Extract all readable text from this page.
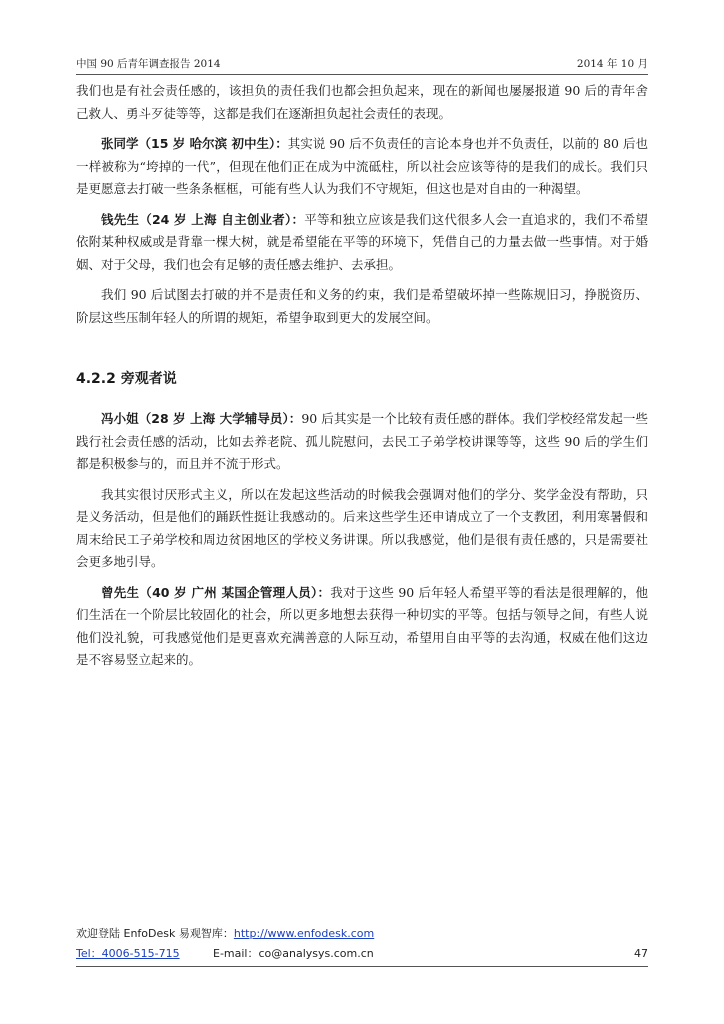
中国 90 后青年调查报告 2014	2014 年 10 月

我们也是有社会责任感的，该担负的责任我们也都会担负起来，现在的新闻也屡屡报道 90 后的青年舍己救人、勇斗歹徒等等，这都是我们在逐渐担负起社会责任的表现。

张同学（15 岁 哈尔滨 初中生）：其实说 90 后不负责任的言论本身也并不负责任，以前的 80 后也一样被称为“垮掉的一代”，但现在他们正在成为中流砥柱，所以社会应该等待的是我们的成长。我们只是更愿意去打破一些条条框框，可能有些人认为我们不守规矩，但这也是对自由的一种渴望。

钱先生（24 岁 上海 自主创业者）：平等和独立应该是我们这代很多人会一直追求的，我们不希望依附某种权威或是背靠一棵大树，就是希望能在平等的环境下，凭借自己的力量去做一些事情。对于婚姻、对于父母，我们也会有足够的责任感去维护、去承担。

我们 90 后试图去打破的并不是责任和义务的约束，我们是希望破坏掉一些陈规旧习，挣脱资历、阶层这些压制年轻人的所谓的规矩，希望争取到更大的发展空间。

4.2.2 旁观者说

冯小姐（28 岁 上海 大学辅导员）：90 后其实是一个比较有责任感的群体。我们学校经常发起一些践行社会责任感的活动，比如去养老院、孤儿院慰问，去民工子弟学校讲课等等，这些 90 后的学生们都是积极参与的，而且并不流于形式。

我其实很讨厌形式主义，所以在发起这些活动的时候我会强调对他们的学分、奖学金没有帮助，只是义务活动，但是他们的踊跃性挺让我感动的。后来这些学生还申请成立了一个支教团，利用寒暑假和周末给民工子弟学校和周边贫困地区的学校义务讲课。所以我感觉，他们是很有责任感的，只是需要社会更多地引导。

曾先生（40 岁 广州 某国企管理人员）：我对于这些 90 后年轻人希望平等的看法是很理解的，他们生活在一个阶层比较固化的社会，所以更多地想去获得一种切实的平等。包括与领导之间，有些人说他们没礼貌，可我感觉他们是更喜欢充满善意的人际互动，希望用自由平等的去沟通，权威在他们这边是不容易竖立起来的。

欢迎登陆 EnfoDesk 易观智库：http://www.enfodesk.com
Tel：4006-515-715	E-mail：co@analysys.com.cn	47
